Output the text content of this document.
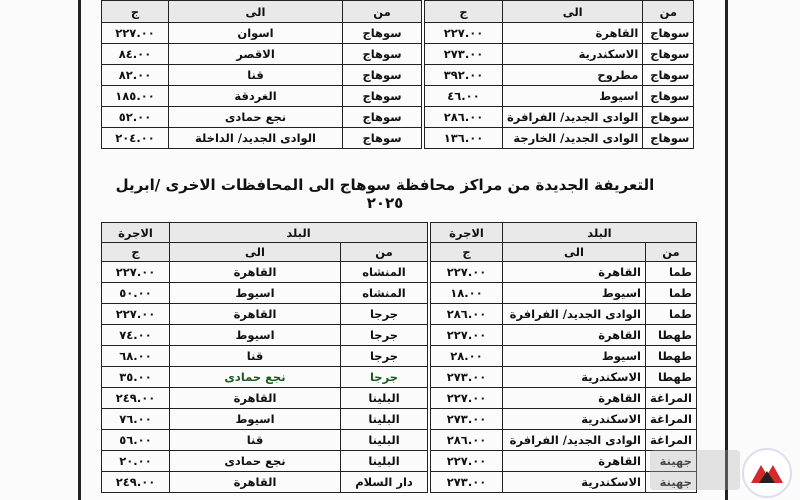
من	الى	ج		من	الى	ج
سوهاج	القاهرة	٢٢٧.٠٠		سوهاج	اسوان	٢٢٧.٠٠
سوهاج	الاسكندرية	٢٧٣.٠٠		سوهاج	الاقصر	٨٤.٠٠
سوهاج	مطروح	٣٩٢.٠٠		سوهاج	قنا	٨٢.٠٠
سوهاج	اسيوط	٤٦.٠٠		سوهاج	الغردقة	١٨٥.٠٠
سوهاج	الوادى الجديد/ الفرافرة	٢٨٦.٠٠		سوهاج	نجع حمادى	٥٢.٠٠
سوهاج	الوادى الجديد/ الخارجة	١٣٦.٠٠		سوهاج	الوادى الجديد/ الداخلة	٢٠٤.٠٠
التعريفة الجديدة من مراكز محافظة سوهاج الى المحافظات الاخرى /ابريل ٢٠٢٥
البلد		الاجرة		البلد		الاجرة
من	الى	ج		من	الى	ج
طما	القاهرة	٢٢٧.٠٠		المنشاه	القاهرة	٢٢٧.٠٠
طما	اسيوط	١٨.٠٠		المنشاه	اسيوط	٥٠.٠٠
طما	الوادى الجديد/ الفرافرة	٢٨٦.٠٠		جرجا	القاهرة	٢٢٧.٠٠
طهطا	القاهرة	٢٢٧.٠٠		جرجا	اسيوط	٧٤.٠٠
طهطا	اسيوط	٢٨.٠٠		جرجا	قنا	٦٨.٠٠
طهطا	الاسكندرية	٢٧٣.٠٠		جرجا	نجع حمادى	٣٥.٠٠
المراغة	القاهرة	٢٢٧.٠٠		البلينا	القاهرة	٢٤٩.٠٠
المراغة	الاسكندرية	٢٧٣.٠٠		البلينا	اسيوط	٧٦.٠٠
المراغة	الوادى الجديد/ الفرافرة	٢٨٦.٠٠		البلينا	قنا	٥٦.٠٠
جهينة	القاهرة	٢٢٧.٠٠		البلينا	نجع حمادى	٢٠.٠٠
جهينة	الاسكندرية	٢٧٣.٠٠		دار السلام	القاهرة	٢٤٩.٠٠
